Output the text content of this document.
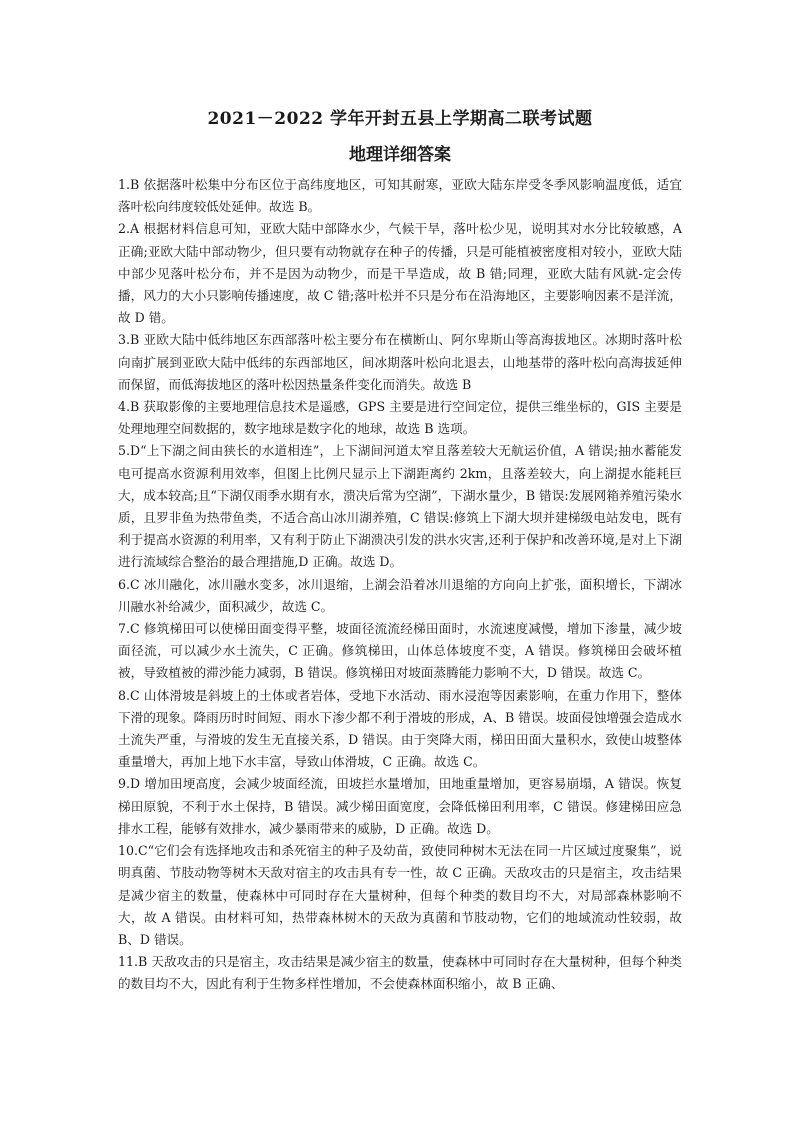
2021－2022 学年开封五县上学期高二联考试题
地理详细答案

1.B 依据落叶松集中分布区位于高纬度地区，可知其耐寒，亚欧大陆东岸受冬季风影响温度低，适宜落叶松向纬度较低处延伸。故选 B。

2.A 根据材料信息可知，亚欧大陆中部降水少，气候干旱，落叶松少见，说明其对水分比较敏感，A 正确;亚欧大陆中部动物少，但只要有动物就存在种子的传播，只是可能植被密度相对较小，亚欧大陆中部少见落叶松分布，并不是因为动物少，而是干旱造成，故 B 错;同理，亚欧大陆有风就-定会传播，风力的大小只影响传播速度，故 C 错;落叶松并不只是分布在沿海地区，主要影响因素不是洋流，故 D 错。

3.B 亚欧大陆中低纬地区东西部落叶松主要分布在横断山、阿尔卑斯山等高海拔地区。冰期时落叶松向南扩展到亚欧大陆中低纬的东西部地区，间冰期落叶松向北退去，山地基带的落叶松向高海拔延伸而保留，而低海拔地区的落叶松因热量条件变化而消失。故选 B

4.B 获取影像的主要地理信息技术是遥感，GPS 主要是进行空间定位，提供三维坐标的，GIS 主要是处理地理空间数据的，数字地球是数字化的地球，故选 B 选项。

5.D“上下湖之间由狭长的水道相连”，上下湖间河道太窄且落差较大无航运价值，A 错误;抽水蓄能发电可提高水资源利用效率，但图上比例尺显示上下湖距离约 2km，且落差较大，向上湖提水能耗巨大，成本较高;且“下湖仅雨季水期有水，溃决后常为空湖”，下湖水量少，B 错误:发展网箱养殖污染水质，且罗非鱼为热带鱼类，不适合高山冰川湖养殖，C 错误:修筑上下湖大坝并建梯级电站发电，既有利于提高水资源的利用率，又有利于防止下湖溃决引发的洪水灾害,还利于保护和改善环境,是对上下湖进行流域综合整治的最合理措施,D 正确。故选 D。

6.C 冰川融化，冰川融水变多，冰川退缩，上湖会沿着冰川退缩的方向向上扩张，面积增长，下湖冰川融水补给减少，面积减少，故选 C。

7.C 修筑梯田可以使梯田面变得平整，坡面径流流经梯田面时，水流速度减慢，增加下渗量，减少坡面径流，可以减少水土流失，C 正确。修筑梯田，山体总体坡度不变，A 错误。修筑梯田会破坏植被，导致植被的滞沙能力减弱，B 错误。修筑梯田对坡面蒸腾能力影响不大，D 错误。故选 C。

8.C 山体滑坡是斜坡上的土体或者岩体，受地下水活动、雨水浸泡等因素影响，在重力作用下，整体下滑的现象。降雨历时时间短、雨水下渗少都不利于滑坡的形成，A、B 错误。坡面侵蚀增强会造成水土流失严重，与滑坡的发生无直接关系，D 错误。由于突降大雨，梯田田面大量积水，致使山坡整体重量增大，再加上地下水丰富，导致山体滑坡，C 正确。故选 C。

9.D 增加田埂高度，会减少坡面经流，田坡拦水量增加，田地重量增加，更容易崩塌，A 错误。恢复梯田原貌，不利于水土保持，B 错误。减少梯田面宽度，会降低梯田利用率，C 错误。修建梯田应急排水工程，能够有效排水，减少暴雨带来的威胁，D 正确。故选 D。

10.C“它们会有选择地攻击和杀死宿主的种子及幼苗，致使同种树木无法在同一片区域过度聚集”，说明真菌、节肢动物等树木天敌对宿主的攻击具有专一性，故 C 正确。天敌攻击的只是宿主，攻击结果是减少宿主的数量，使森林中可同时存在大量树种，但每个种类的数目均不大，对局部森林影响不大，故 A 错误。由材料可知，热带森林树木的天敌为真菌和节肢动物，它们的地域流动性较弱，故 B、D 错误。

11.B 天敌攻击的只是宿主，攻击结果是减少宿主的数量，使森林中可同时存在大量树种，但每个种类的数目均不大，因此有利于生物多样性增加，不会使森林面积缩小，故 B 正确、
